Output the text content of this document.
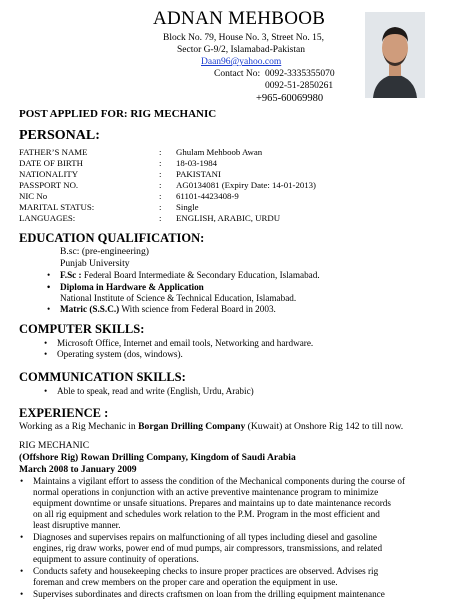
ADNAN MEHBOOB
Block No. 79, House No. 3, Street No. 15,
Sector G-9/2, Islamabad-Pakistan
Daan96@yahoo.com
Contact No: 0092-3335355070
0092-51-2850261
+965-60069980
POST APPLIED FOR: RIG MECHANIC
PERSONAL:
FATHER’S NAME	: Ghulam Mehboob Awan
DATE OF BIRTH	: 18-03-1984
NATIONALITY	: PAKISTANI
PASSPORT NO.	: AG0134081 (Expiry Date: 14-01-2013)
NIC No	: 61101-4423408-9
MARITAL STATUS:	: Single
LANGUAGES:	: ENGLISH, ARABIC, URDU
EDUCATION QUALIFICATION:
B.sc: (pre-engineering)
Punjab University
• F.Sc : Federal Board Intermediate & Secondary Education, Islamabad.
• Diploma in Hardware & Application
National Institute of Science & Technical Education, Islamabad.
• Matric (S.S.C.) With science from Federal Board in 2003.
COMPUTER SKILLS:
• Microsoft Office, Internet and email tools, Networking and hardware.
• Operating system (dos, windows).
COMMUNICATION SKILLS:
• Able to speak, read and write (English, Urdu, Arabic)
EXPERIENCE :
Working as a Rig Mechanic in Borgan Drilling Company (Kuwait) at Onshore Rig 142 to till now.
RIG MECHANIC
(Offshore Rig) Rowan Drilling Company, Kingdom of Saudi Arabia
March 2008 to January 2009
• Maintains a vigilant effort to assess the condition of the Mechanical components during the course of
normal operations in conjunction with an active preventive maintenance program to minimize
equipment downtime or unsafe situations. Prepares and maintains up to date maintenance records
on all rig equipment and schedules work relation to the P.M. Program in the most efficient and
least disruptive manner.
• Diagnoses and supervises repairs on malfunctioning of all types including diesel and gasoline
engines, rig draw works, power end of mud pumps, air compressors, transmissions, and related
equipment to assure continuity of operations.
• Conducts safety and housekeeping checks to insure proper practices are observed. Advises rig
foreman and crew members on the proper care and operation the equipment in use.
• Supervises subordinates and directs craftsmen on loan from the drilling equipment maintenance
